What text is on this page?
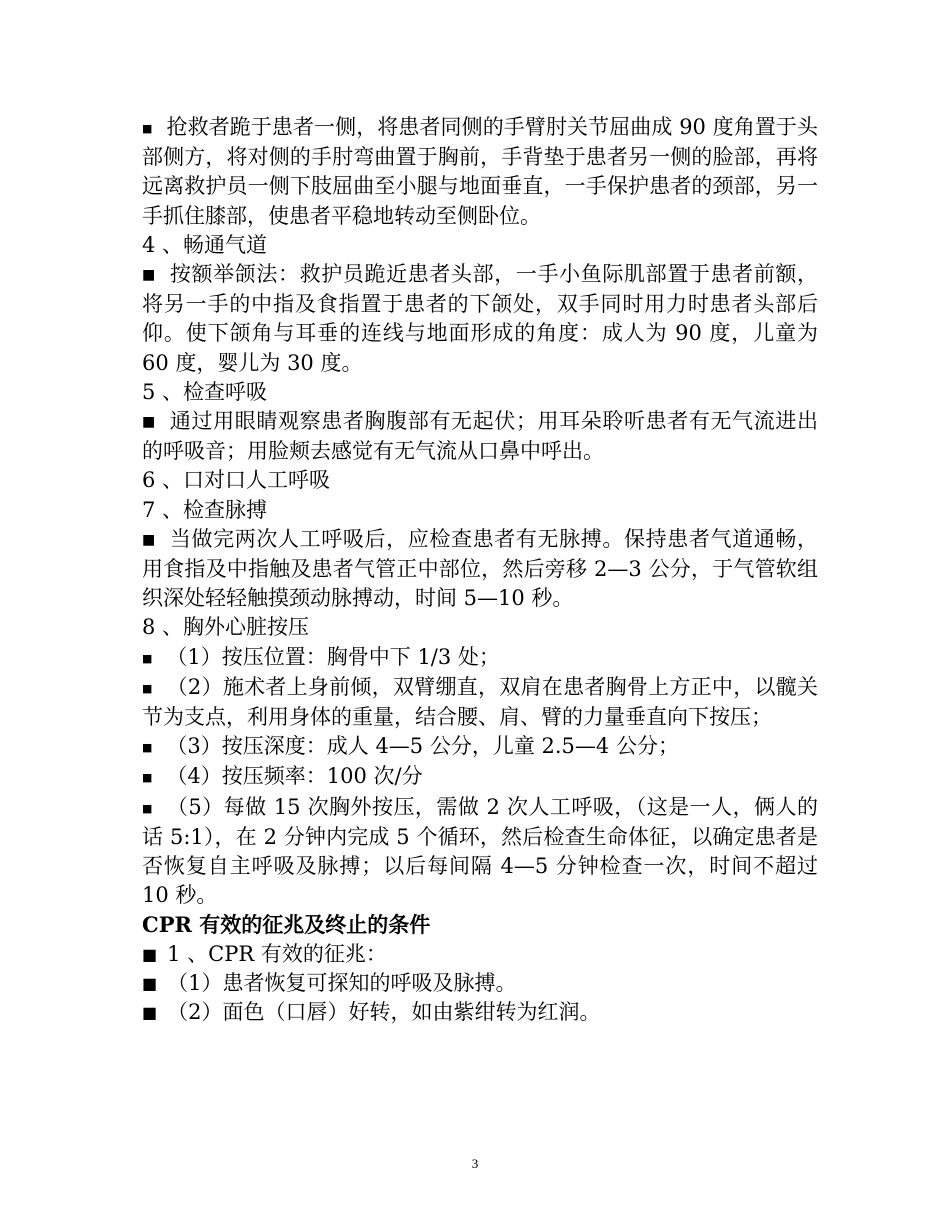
■ 抢救者跪于患者一侧，将患者同侧的手臂肘关节屈曲成 90 度角置于头部侧方，将对侧的手肘弯曲置于胸前，手背垫于患者另一侧的脸部，再将远离救护员一侧下肢屈曲至小腿与地面垂直，一手保护患者的颈部，另一手抓住膝部，使患者平稳地转动至侧卧位。

4 、畅通气道

■ 按额举颌法：救护员跪近患者头部，一手小鱼际肌部置于患者前额，将另一手的中指及食指置于患者的下颌处，双手同时用力时患者头部后仰。使下颌角与耳垂的连线与地面形成的角度：成人为 90 度，儿童为 60 度，婴儿为 30 度。

5 、检查呼吸

■ 通过用眼睛观察患者胸腹部有无起伏；用耳朵聆听患者有无气流进出的呼吸音；用脸颊去感觉有无气流从口鼻中呼出。

6 、口对口人工呼吸

7 、检查脉搏

■ 当做完两次人工呼吸后，应检查患者有无脉搏。保持患者气道通畅，用食指及中指触及患者气管正中部位，然后旁移 2—3 公分，于气管软组织深处轻轻触摸颈动脉搏动，时间 5—10 秒。

8 、胸外心脏按压

■ （1）按压位置：胸骨中下 1/3 处；

■ （2）施术者上身前倾，双臂绷直，双肩在患者胸骨上方正中，以髋关节为支点，利用身体的重量，结合腰、肩、臂的力量垂直向下按压；

■ （3）按压深度：成人 4—5 公分，儿童 2.5—4 公分；

■ （4）按压频率：100 次/分

■ （5）每做 15 次胸外按压，需做 2 次人工呼吸，（这是一人，俩人的话 5:1），在 2 分钟内完成 5 个循环，然后检查生命体征，以确定患者是否恢复自主呼吸及脉搏；以后每间隔 4—5 分钟检查一次，时间不超过 10 秒。

CPR 有效的征兆及终止的条件

■ 1 、CPR 有效的征兆：

■ （1）患者恢复可探知的呼吸及脉搏。

■ （2）面色（口唇）好转，如由紫绀转为红润。

3
